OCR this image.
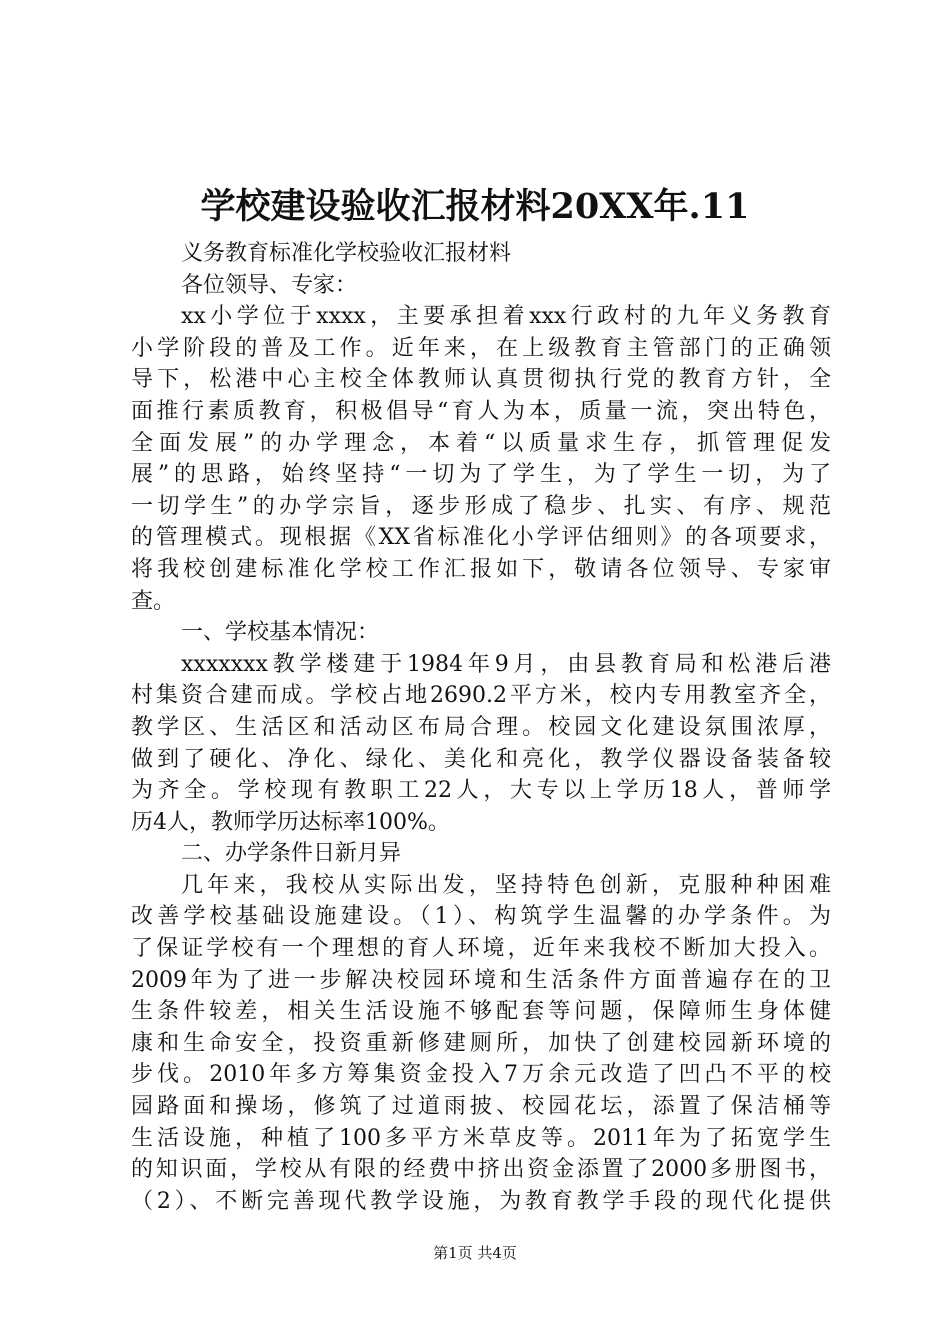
学校建设验收汇报材料20XX年.11
义务教育标准化学校验收汇报材料
各位领导、专家：
xx小学位于xxxx，主要承担着xxx行政村的九年义务教育
小学阶段的普及工作。近年来，在上级教育主管部门的正确领
导下，松港中心主校全体教师认真贯彻执行党的教育方针，全
面推行素质教育，积极倡导“育人为本，质量一流，突出特色，
全面发展”的办学理念，本着“以质量求生存，抓管理促发
展”的思路，始终坚持“一切为了学生，为了学生一切，为了
一切学生”的办学宗旨，逐步形成了稳步、扎实、有序、规范
的管理模式。现根据《XX省标准化小学评估细则》的各项要求，
将我校创建标准化学校工作汇报如下，敬请各位领导、专家审
查。
一、学校基本情况：
xxxxxxx教学楼建于1984年9月，由县教育局和松港后港
村集资合建而成。学校占地2690.2平方米，校内专用教室齐全，
教学区、生活区和活动区布局合理。校园文化建设氛围浓厚，
做到了硬化、净化、绿化、美化和亮化，教学仪器设备装备较
为齐全。学校现有教职工22人，大专以上学历18人，普师学
历4人，教师学历达标率100%。
二、办学条件日新月异
几年来，我校从实际出发，坚持特色创新，克服种种困难
改善学校基础设施建设。（1）、构筑学生温馨的办学条件。为
了保证学校有一个理想的育人环境，近年来我校不断加大投入。
2009年为了进一步解决校园环境和生活条件方面普遍存在的卫
生条件较差，相关生活设施不够配套等问题，保障师生身体健
康和生命安全，投资重新修建厕所，加快了创建校园新环境的
步伐。2010年多方筹集资金投入7万余元改造了凹凸不平的校
园路面和操场，修筑了过道雨披、校园花坛，添置了保洁桶等
生活设施，种植了100多平方米草皮等。2011年为了拓宽学生
的知识面，学校从有限的经费中挤出资金添置了2000多册图书，
（2）、不断完善现代教学设施，为教育教学手段的现代化提供
第1页 共4页
